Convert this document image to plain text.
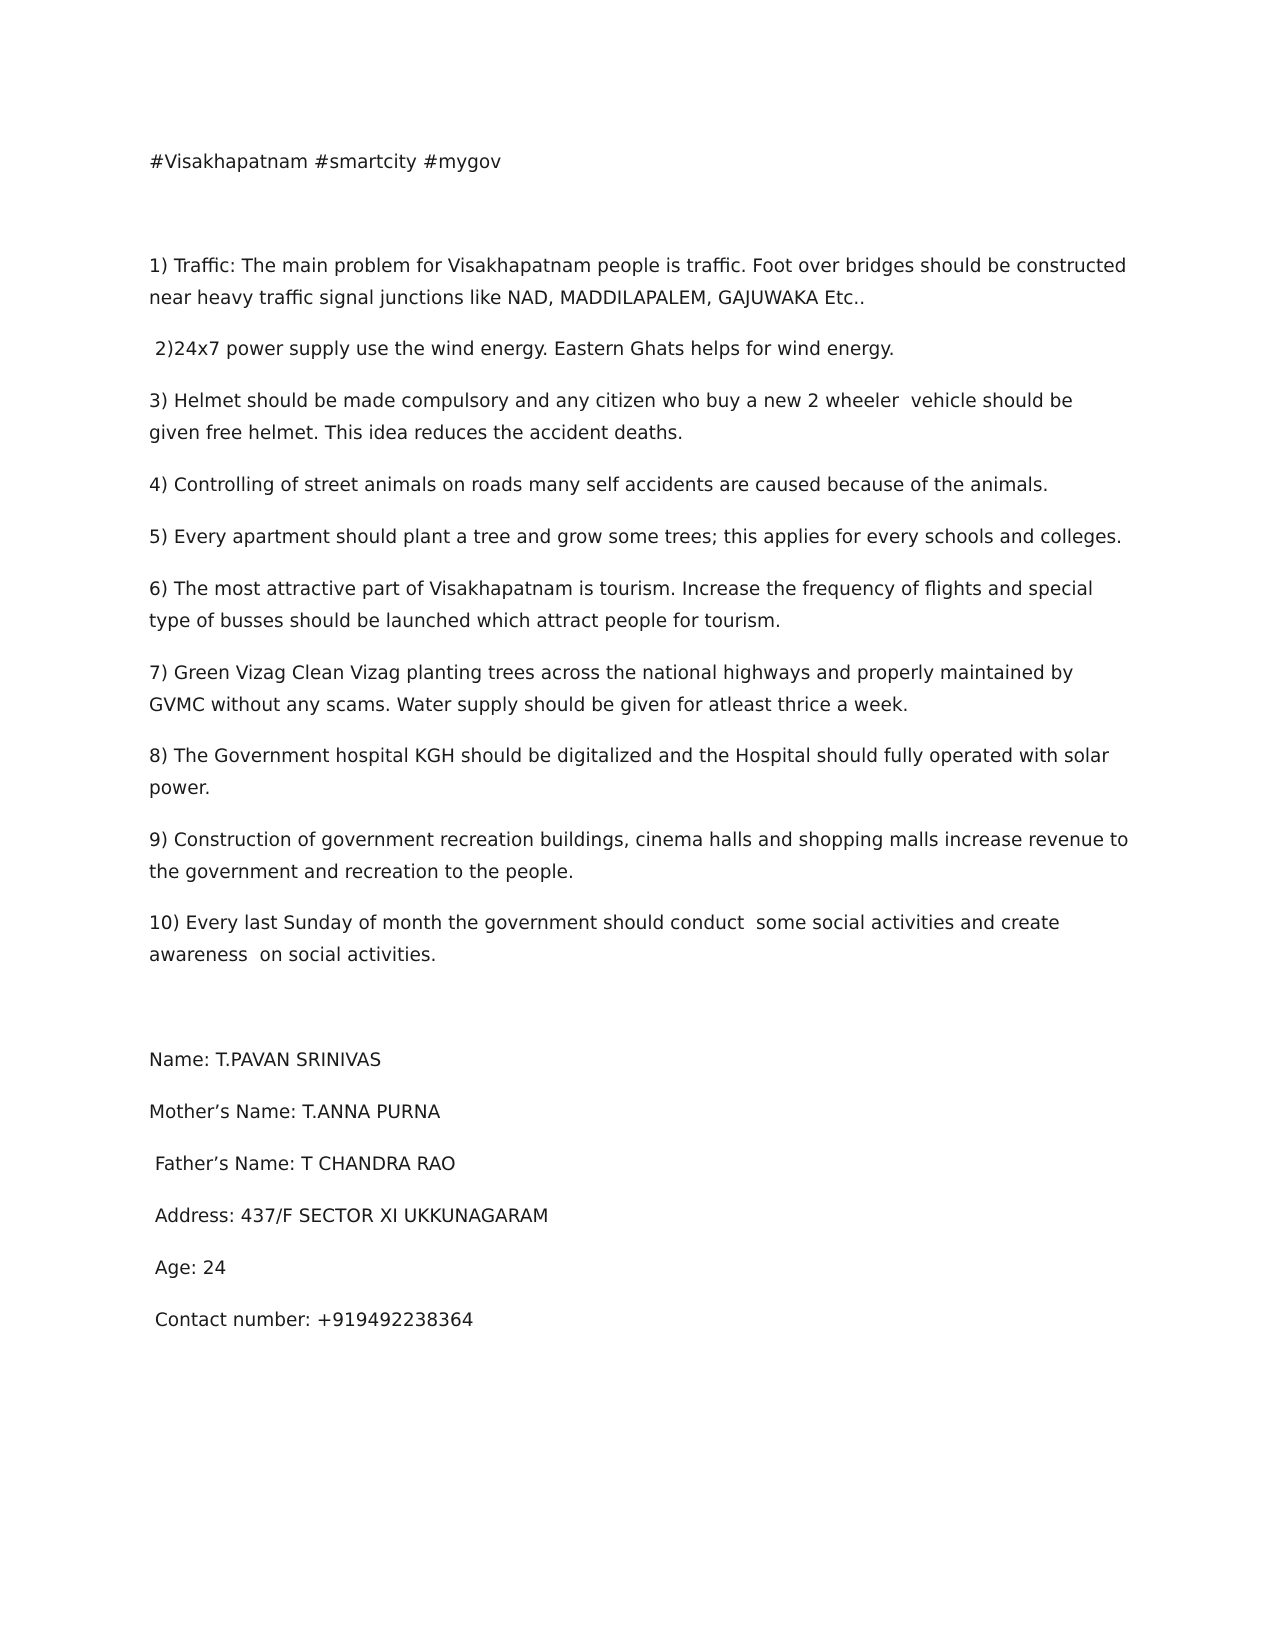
#Visakhapatnam #smartcity #mygov

1) Traffic: The main problem for Visakhapatnam people is traffic. Foot over bridges should be constructed near heavy traffic signal junctions like NAD, MADDILAPALEM, GAJUWAKA Etc..

2)24x7 power supply use the wind energy. Eastern Ghats helps for wind energy.

3) Helmet should be made compulsory and any citizen who buy a new 2 wheeler  vehicle should be given free helmet. This idea reduces the accident deaths.

4) Controlling of street animals on roads many self accidents are caused because of the animals.

5) Every apartment should plant a tree and grow some trees; this applies for every schools and colleges.

6) The most attractive part of Visakhapatnam is tourism. Increase the frequency of flights and special type of busses should be launched which attract people for tourism.

7) Green Vizag Clean Vizag planting trees across the national highways and properly maintained by GVMC without any scams. Water supply should be given for atleast thrice a week.

8) The Government hospital KGH should be digitalized and the Hospital should fully operated with solar power.

9) Construction of government recreation buildings, cinema halls and shopping malls increase revenue to the government and recreation to the people.

10) Every last Sunday of month the government should conduct  some social activities and create awareness  on social activities.

Name: T.PAVAN SRINIVAS

Mother’s Name: T.ANNA PURNA

Father’s Name: T CHANDRA RAO

Address: 437/F SECTOR XI UKKUNAGARAM

Age: 24

Contact number: +919492238364
